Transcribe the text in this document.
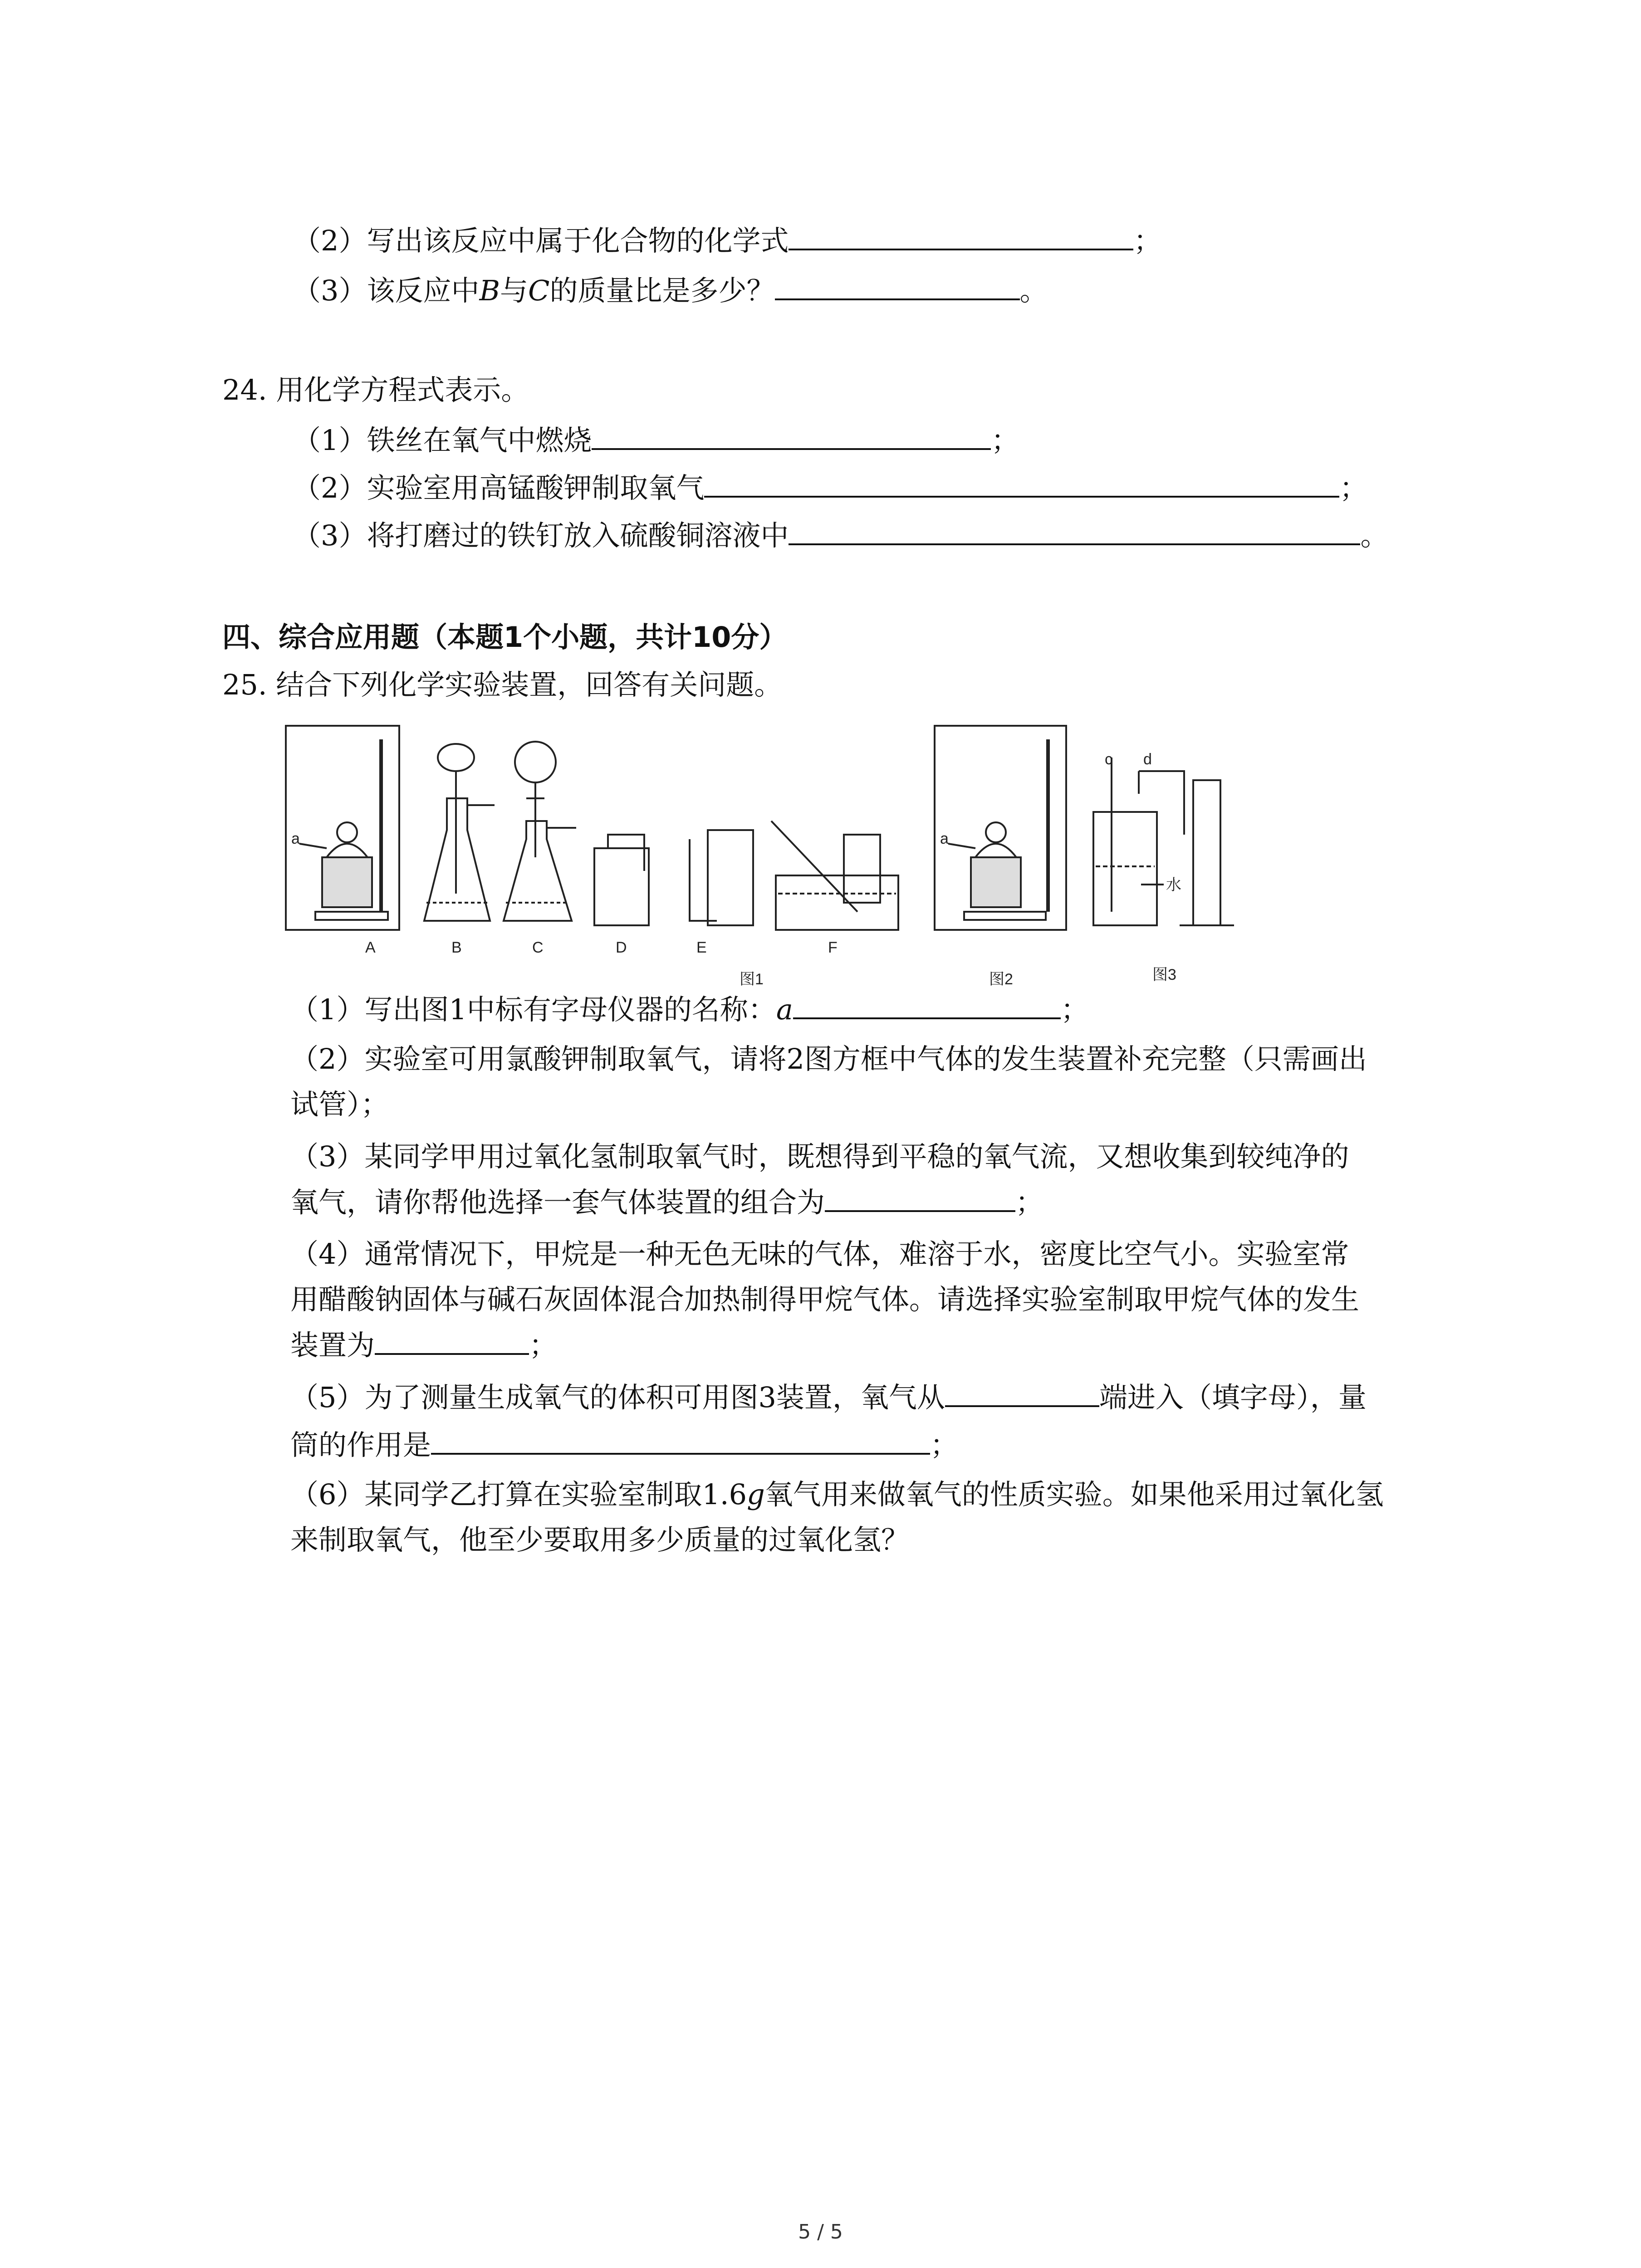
（2）写出该反应中属于化合物的化学式	；
（3）该反应中B与C的质量比是多少？	。
24. 用化学方程式表示。
（1）铁丝在氧气中燃烧	；
（2）实验室用高锰酸钾制取氧气	；
（3）将打磨过的铁钉放入硫酸铜溶液中	。
四、综合应用题（本题1个小题，共计10分）
25. 结合下列化学实验装置，回答有关问题。
a
A	B	C	D	E	F
图1
a
图2
c d
水
图3
（1）写出图1中标有字母仪器的名称：a	；
（2）实验室可用氯酸钾制取氧气，请将2图方框中气体的发生装置补充完整（只需画出
试管）；
（3）某同学甲用过氧化氢制取氧气时，既想得到平稳的氧气流，又想收集到较纯净的
氧气，请你帮他选择一套气体装置的组合为	；
（4）通常情况下，甲烷是一种无色无味的气体，难溶于水，密度比空气小。实验室常
用醋酸钠固体与碱石灰固体混合加热制得甲烷气体。请选择实验室制取甲烷气体的发生
装置为	；
（5）为了测量生成氧气的体积可用图3装置，氧气从	端进入（填字母），量
筒的作用是	；
（6）某同学乙打算在实验室制取1.6g氧气用来做氧气的性质实验。如果他采用过氧化氢
来制取氧气，他至少要取用多少质量的过氧化氢？
5 / 5
